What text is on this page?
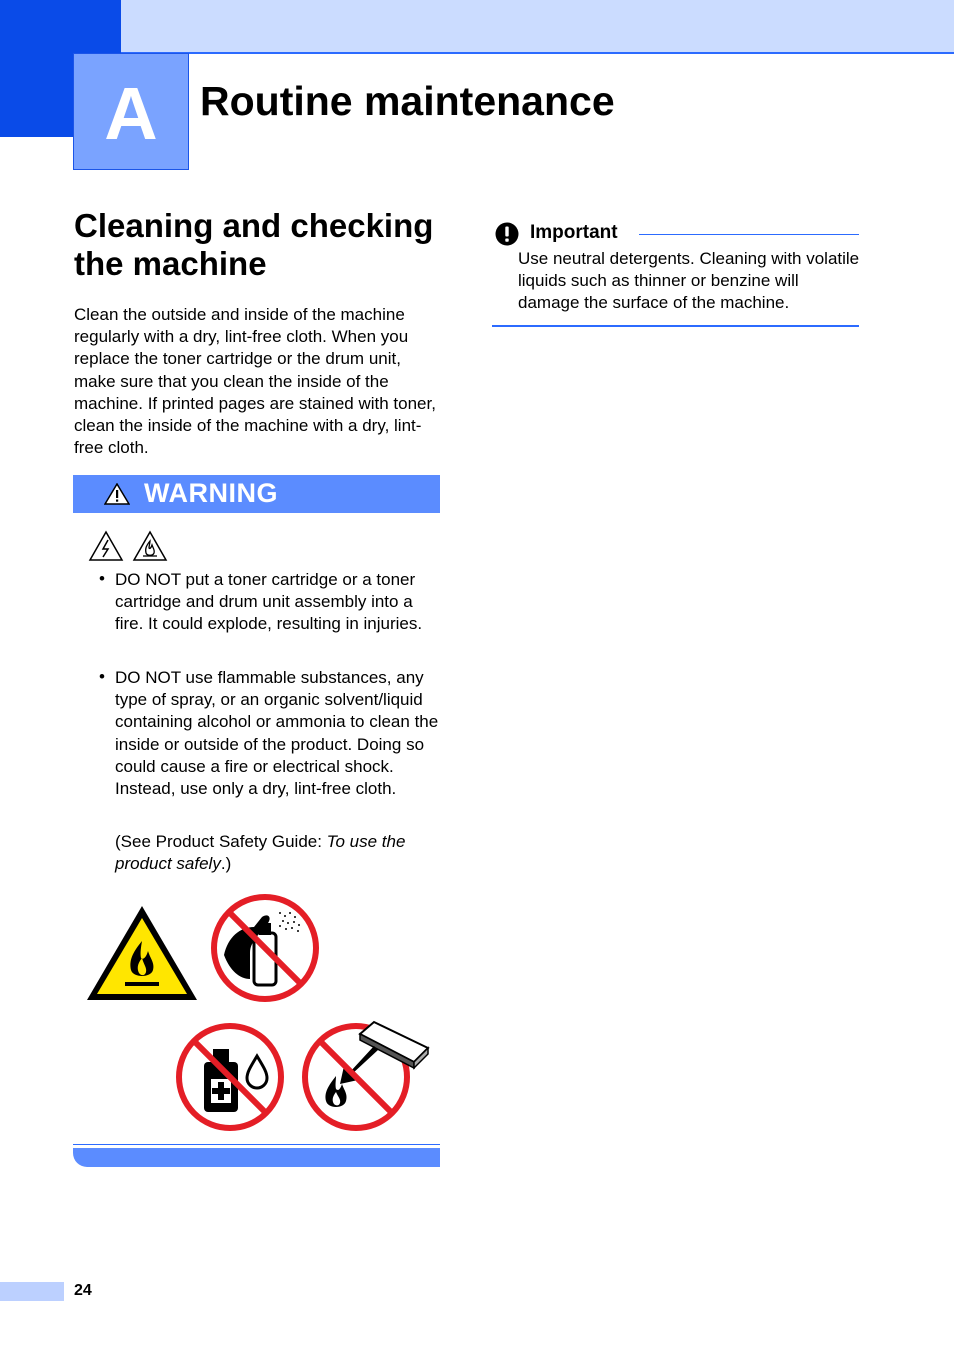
A Routine maintenance
Cleaning and checking the machine

Clean the outside and inside of the machine regularly with a dry, lint-free cloth. When you replace the toner cartridge or the drum unit, make sure that you clean the inside of the machine. If printed pages are stained with toner, clean the inside of the machine with a dry, lint-free cloth.

WARNING
• DO NOT put a toner cartridge or a toner cartridge and drum unit assembly into a fire. It could explode, resulting in injuries.

• DO NOT use flammable substances, any type of spray, or an organic solvent/liquid containing alcohol or ammonia to clean the inside or outside of the product. Doing so could cause a fire or electrical shock. Instead, use only a dry, lint-free cloth.

(See Product Safety Guide: To use the product safely.)

Important

Use neutral detergents. Cleaning with volatile liquids such as thinner or benzine will damage the surface of the machine.

24
